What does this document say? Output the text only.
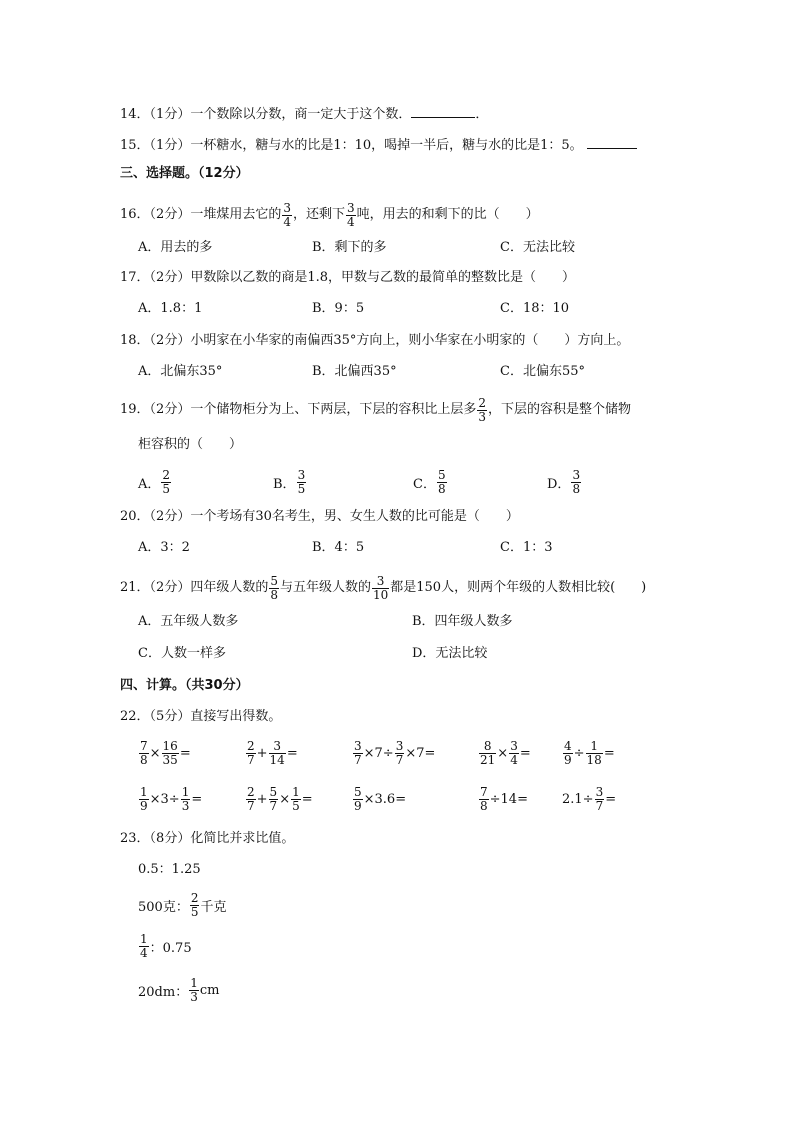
14．（1分）一个数除以分数，商一定大于这个数．	．
15．（1分）一杯糖水，糖与水的比是1：10，喝掉一半后，糖与水的比是1：5。
三、选择题。（12分）
16．（2分）一堆煤用去它的 $\frac{3}{4}$ ，还剩下 $\frac{3}{4}$ 吨，用去的和剩下的比（　　）
A．用去的多	B．剩下的多	C．无法比较
17．（2分）甲数除以乙数的商是1.8，甲数与乙数的最简单的整数比是（　　）
A．1.8：1	B．9：5	C．18：10
18．（2分）小明家在小华家的南偏西35°方向上，则小华家在小明家的（　　）方向上。
A．北偏东35°	B．北偏西35°	C．北偏东55°
19．（2分）一个储物柜分为上、下两层，下层的容积比上层多 $\frac{2}{3}$ ，下层的容积是整个储物
柜容积的（　　）
A． $\frac{2}{5}$	B． $\frac{3}{5}$	C． $\frac{5}{8}$	D． $\frac{3}{8}$
20．（2分）一个考场有30名考生，男、女生人数的比可能是（　　）
A．3：2	B．4：5	C．1：3
21．（2分）四年级人数的 $\frac{5}{8}$ 与五年级人数的 $\frac{3}{10}$ 都是150人，则两个年级的人数相比较(　　)
A．五年级人数多	B．四年级人数多
C．人数一样多	D．无法比较
四、计算。（共30分）
22．（5分）直接写出得数。
$\frac{7}{8} \times \frac{16}{35}$ =	$\frac{2}{7} + \frac{3}{14}$ =	$\frac{3}{7} \times 7\div \frac{3}{7} \times 7=$	$\frac{8}{21} \times \frac{3}{4}$ =	$\frac{4}{9} \div \frac{1}{18}$ =
$\frac{1}{9} \times 3\div \frac{1}{3}$ =	$\frac{2}{7} + \frac{5}{7} \times \frac{1}{5}$ =	$\frac{5}{9} \times 3.6=$	$\frac{7}{8} \div 14=$	$2.1\div \frac{3}{7}$ =
23．（8分）化简比并求比值。
0.5：1.25
500克： $\frac{2}{5}$ 千克
$\frac{1}{4}$ ：0.75
20dm： $\frac{1}{3}$ cm
